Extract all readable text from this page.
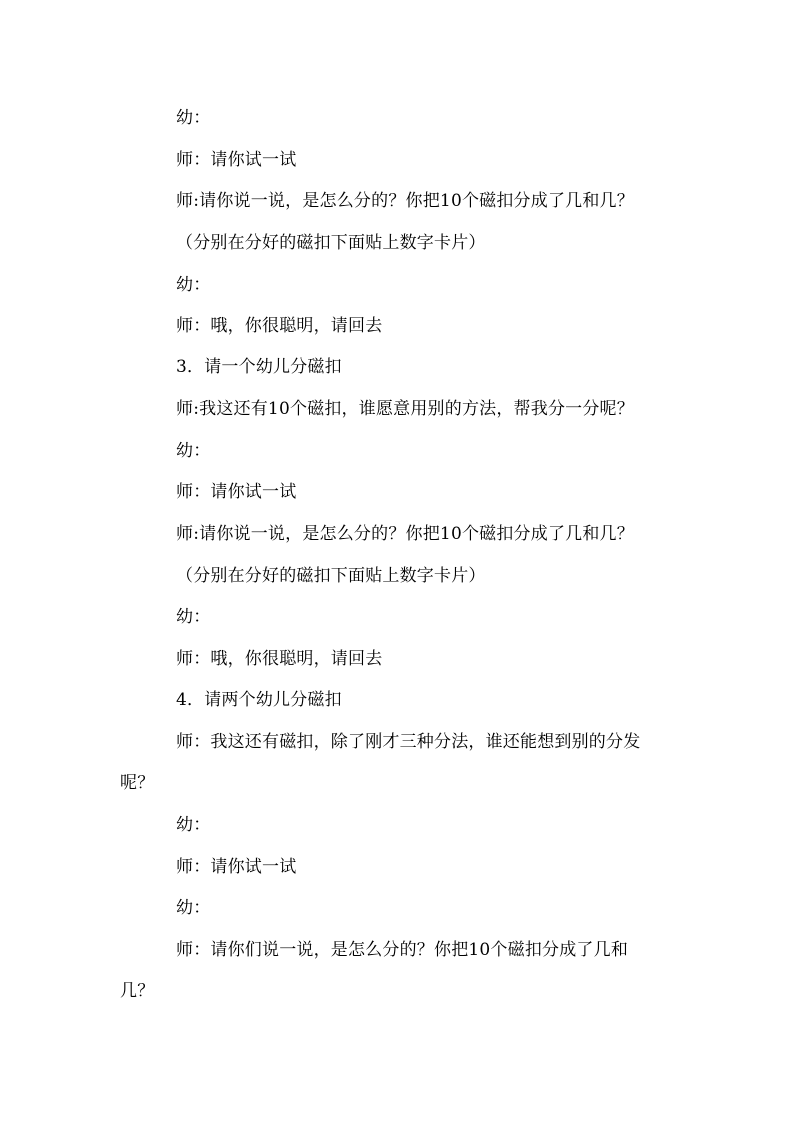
幼：
师：请你试一试
师:请你说一说，是怎么分的？你把10个磁扣分成了几和几？
（分别在分好的磁扣下面贴上数字卡片）
幼：
师：哦，你很聪明，请回去
3．请一个幼儿分磁扣
师:我这还有10个磁扣，谁愿意用别的方法，帮我分一分呢？
幼：
师：请你试一试
师:请你说一说，是怎么分的？你把10个磁扣分成了几和几？
（分别在分好的磁扣下面贴上数字卡片）
幼：
师：哦，你很聪明，请回去
4．请两个幼儿分磁扣
师：我这还有磁扣，除了刚才三种分法，谁还能想到别的分发
呢？
幼：
师：请你试一试
幼：
师：请你们说一说，是怎么分的？你把10个磁扣分成了几和
几？
